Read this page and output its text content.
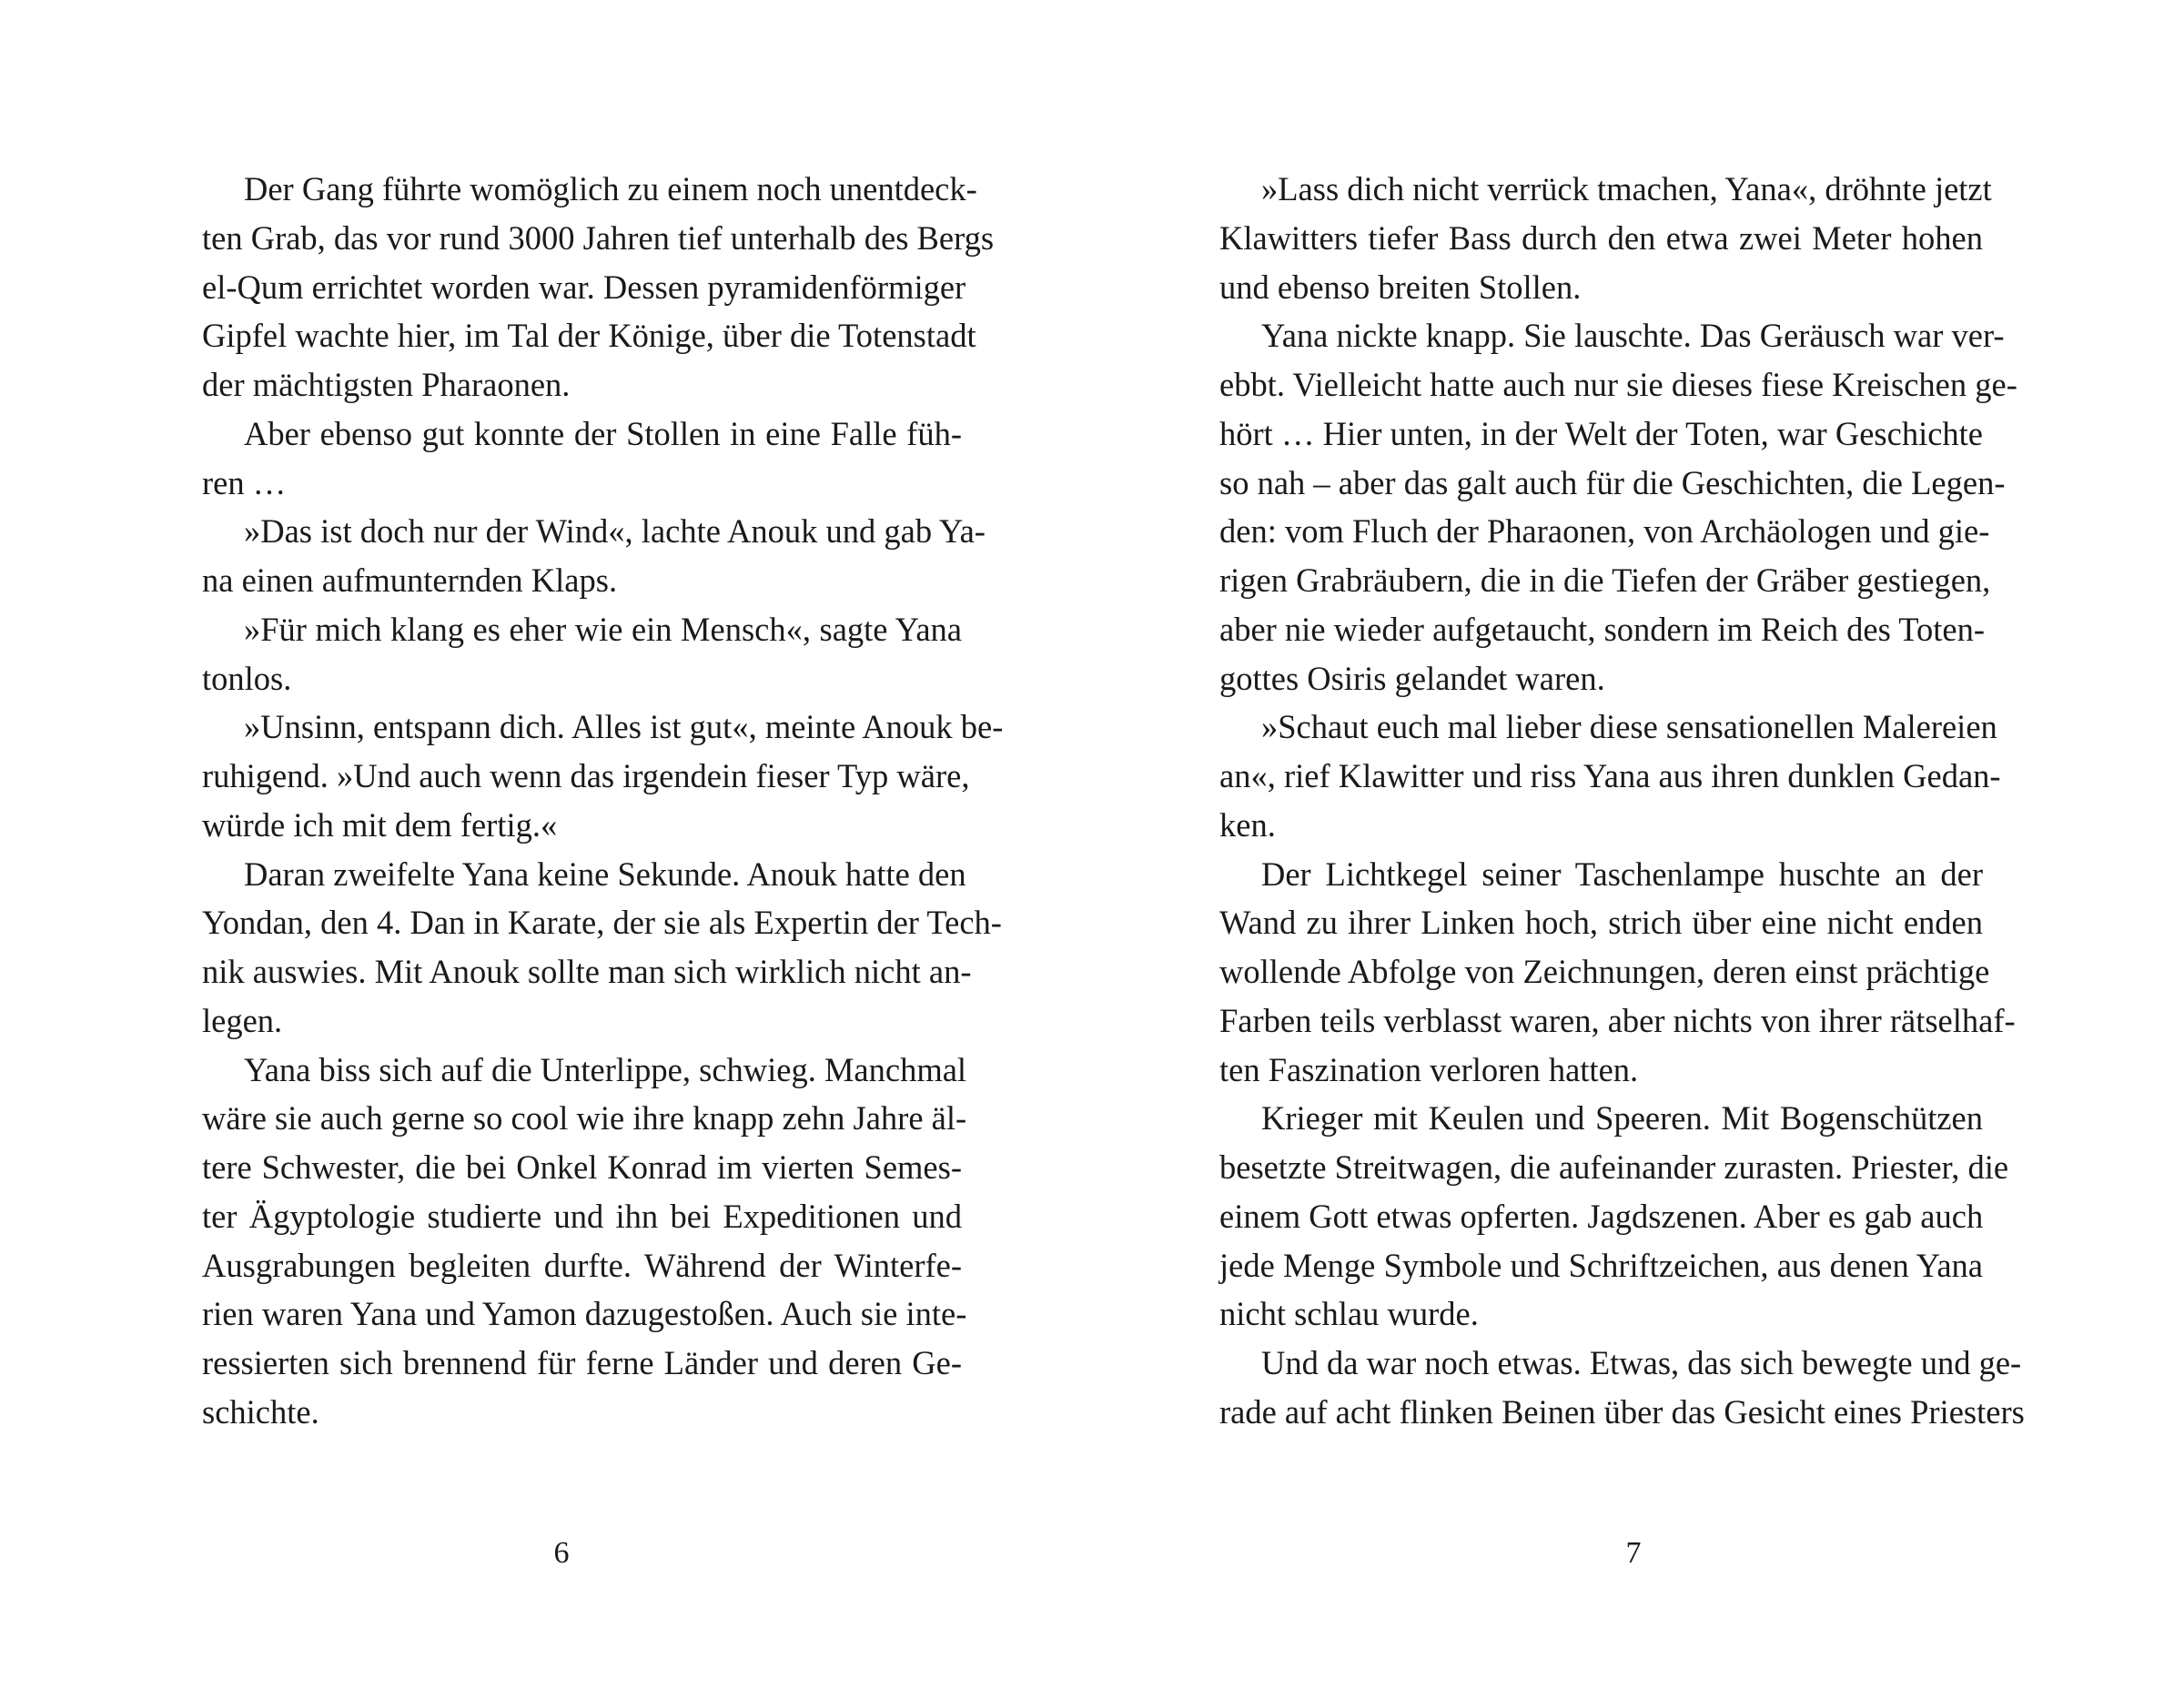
Der Gang führte womöglich zu einem noch unentdeck-
ten Grab, das vor rund 3000 Jahren tief unterhalb des Bergs
el-Qum errichtet worden war. Dessen pyramidenförmiger
Gipfel wachte hier, im Tal der Könige, über die Totenstadt
der mächtigsten Pharaonen.
Aber ebenso gut konnte der Stollen in eine Falle füh-
ren …
»Das ist doch nur der Wind«, lachte Anouk und gab Ya-
na einen aufmunternden Klaps.
»Für mich klang es eher wie ein Mensch«, sagte Yana
tonlos.
»Unsinn, entspann dich. Alles ist gut«, meinte Anouk be-
ruhigend. »Und auch wenn das irgendein fieser Typ wäre,
würde ich mit dem fertig.«
Daran zweifelte Yana keine Sekunde. Anouk hatte den
Yondan, den 4. Dan in Karate, der sie als Expertin der Tech-
nik auswies. Mit Anouk sollte man sich wirklich nicht an-
legen.
Yana biss sich auf die Unterlippe, schwieg. Manchmal
wäre sie auch gerne so cool wie ihre knapp zehn Jahre äl-
tere Schwester, die bei Onkel Konrad im vierten Semes-
ter Ägyptologie studierte und ihn bei Expeditionen und
Ausgrabungen begleiten durfte. Während der Winterfe-
rien waren Yana und Yamon dazugestoßen. Auch sie inte-
ressierten sich brennend für ferne Länder und deren Ge-
schichte.
6
»Lass dich nicht verrück tmachen, Yana«, dröhnte jetzt
Klawitters tiefer Bass durch den etwa zwei Meter hohen
und ebenso breiten Stollen.
Yana nickte knapp. Sie lauschte. Das Geräusch war ver-
ebbt. Vielleicht hatte auch nur sie dieses fiese Kreischen ge-
hört … Hier unten, in der Welt der Toten, war Geschichte
so nah – aber das galt auch für die Geschichten, die Legen-
den: vom Fluch der Pharaonen, von Archäologen und gie-
rigen Grabräubern, die in die Tiefen der Gräber gestiegen,
aber nie wieder aufgetaucht, sondern im Reich des Toten-
gottes Osiris gelandet waren.
»Schaut euch mal lieber diese sensationellen Malereien
an«, rief Klawitter und riss Yana aus ihren dunklen Gedan-
ken.
Der Lichtkegel seiner Taschenlampe huschte an der
Wand zu ihrer Linken hoch, strich über eine nicht enden
wollende Abfolge von Zeichnungen, deren einst prächtige
Farben teils verblasst waren, aber nichts von ihrer rätselhaf-
ten Faszination verloren hatten.
Krieger mit Keulen und Speeren. Mit Bogenschützen
besetzte Streitwagen, die aufeinander zurasten. Priester, die
einem Gott etwas opferten. Jagdszenen. Aber es gab auch
jede Menge Symbole und Schriftzeichen, aus denen Yana
nicht schlau wurde.
Und da war noch etwas. Etwas, das sich bewegte und ge-
rade auf acht flinken Beinen über das Gesicht eines Priesters
7
